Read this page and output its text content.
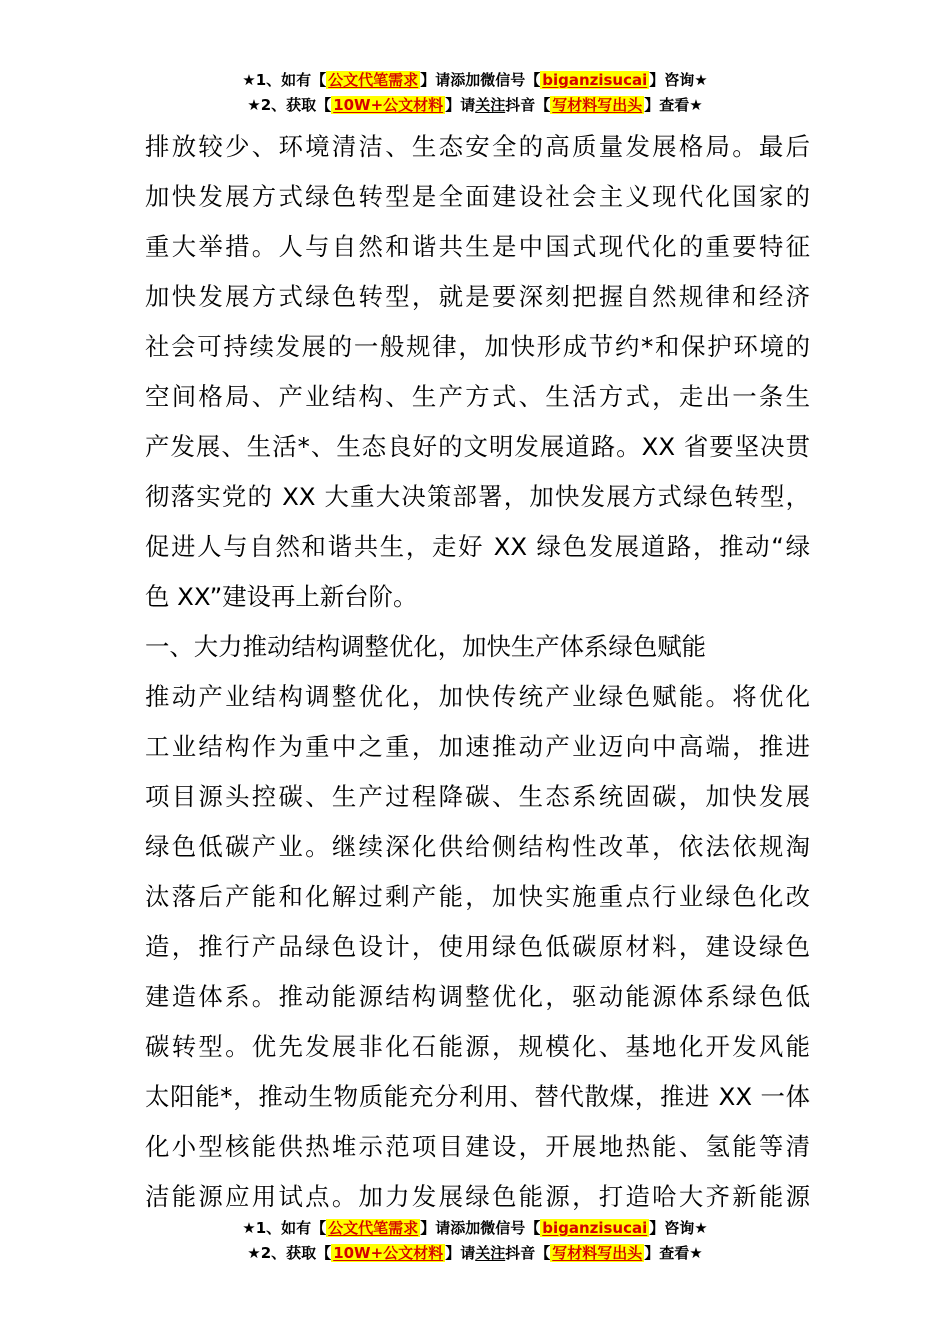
★1、如有【 公文代笔需求 】请添加微信号【 biganzisucai 】咨询★
★2、获取【 10W+公文材料 】请关注抖音【 写材料写出头 】查看★
排放较少、环境清洁、生态安全的高质量发展格局。最后
加快发展方式绿色转型是全面建设社会主义现代化国家的
重大举措。人与自然和谐共生是中国式现代化的重要特征
加快发展方式绿色转型，就是要深刻把握自然规律和经济
社会可持续发展的一般规律，加快形成节约*和保护环境的
空间格局、产业结构、生产方式、生活方式，走出一条生
产发展、生活*、生态良好的文明发展道路。XX 省要坚决贯
彻落实党的 XX 大重大决策部署，加快发展方式绿色转型，
促进人与自然和谐共生，走好 XX 绿色发展道路，推动“绿
色 XX”建设再上新台阶。
一、大力推动结构调整优化，加快生产体系绿色赋能
推动产业结构调整优化，加快传统产业绿色赋能。将优化
工业结构作为重中之重，加速推动产业迈向中高端，推进
项目源头控碳、生产过程降碳、生态系统固碳，加快发展
绿色低碳产业。继续深化供给侧结构性改革，依法依规淘
汰落后产能和化解过剩产能，加快实施重点行业绿色化改
造，推行产品绿色设计，使用绿色低碳原材料，建设绿色
建造体系。推动能源结构调整优化，驱动能源体系绿色低
碳转型。优先发展非化石能源，规模化、基地化开发风能
太阳能*，推动生物质能充分利用、替代散煤，推进 XX 一体
化小型核能供热堆示范项目建设，开展地热能、氢能等清
洁能源应用试点。加力发展绿色能源，打造哈大齐新能源
★1、如有【 公文代笔需求 】请添加微信号【 biganzisucai 】咨询★
★2、获取【 10W+公文材料 】请关注抖音【 写材料写出头 】查看★
